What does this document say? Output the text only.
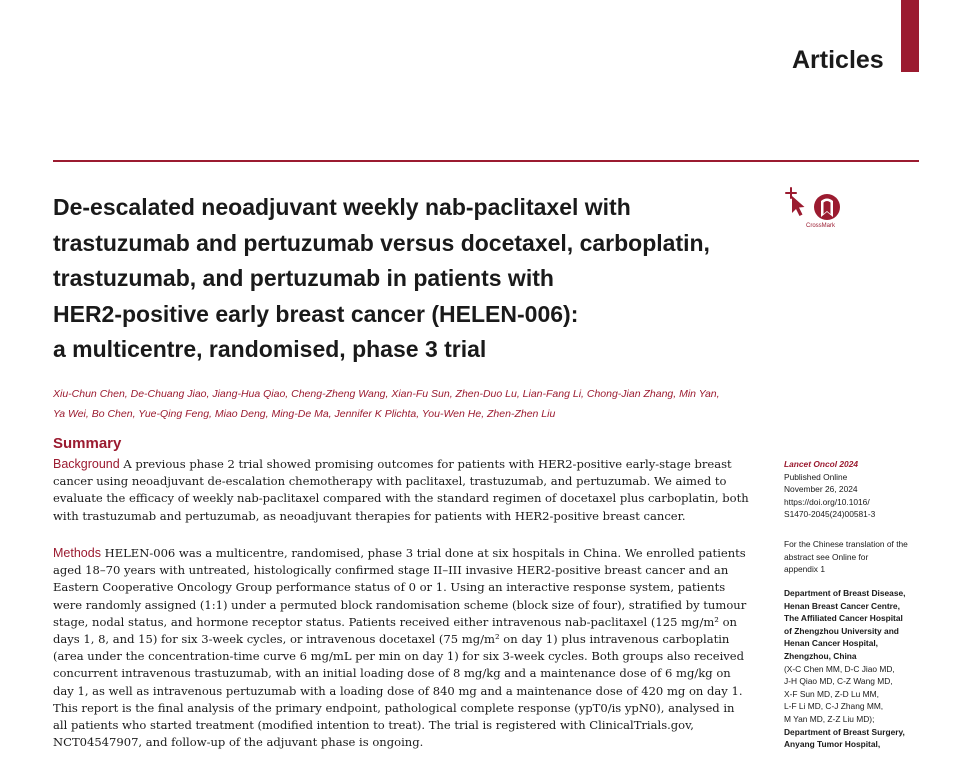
Articles
De-escalated neoadjuvant weekly nab-paclitaxel with
trastuzumab and pertuzumab versus docetaxel, carboplatin,
trastuzumab, and pertuzumab in patients with
HER2-positive early breast cancer (HELEN-006):
a multicentre, randomised, phase 3 trial
CrossMark
Xiu-Chun Chen, De-Chuang Jiao, Jiang-Hua Qiao, Cheng-Zheng Wang, Xian-Fu Sun, Zhen-Duo Lu, Lian-Fang Li, Chong-Jian Zhang, Min Yan,
Ya Wei, Bo Chen, Yue-Qing Feng, Miao Deng, Ming-De Ma, Jennifer K Plichta, You-Wen He, Zhen-Zhen Liu
Summary
Background A previous phase 2 trial showed promising outcomes for patients with HER2-positive early-stage breast
cancer using neoadjuvant de-escalation chemotherapy with paclitaxel, trastuzumab, and pertuzumab. We aimed to
evaluate the efficacy of weekly nab-paclitaxel compared with the standard regimen of docetaxel plus carboplatin, both
with trastuzumab and pertuzumab, as neoadjuvant therapies for patients with HER2-positive breast cancer.
Methods HELEN-006 was a multicentre, randomised, phase 3 trial done at six hospitals in China. We enrolled patients
aged 18–70 years with untreated, histologically confirmed stage II–III invasive HER2-positive breast cancer and an
Eastern Cooperative Oncology Group performance status of 0 or 1. Using an interactive response system, patients
were randomly assigned (1:1) under a permuted block randomisation scheme (block size of four), stratified by tumour
stage, nodal status, and hormone receptor status. Patients received either intravenous nab-paclitaxel (125 mg/m² on
days 1, 8, and 15) for six 3-week cycles, or intravenous docetaxel (75 mg/m² on day 1) plus intravenous carboplatin
(area under the concentration-time curve 6 mg/mL per min on day 1) for six 3-week cycles. Both groups also received
concurrent intravenous trastuzumab, with an initial loading dose of 8 mg/kg and a maintenance dose of 6 mg/kg on
day 1, as well as intravenous pertuzumab with a loading dose of 840 mg and a maintenance dose of 420 mg on day 1.
This report is the final analysis of the primary endpoint, pathological complete response (ypT0/is ypN0), analysed in
all patients who started treatment (modified intention to treat). The trial is registered with ClinicalTrials.gov,
NCT04547907, and follow-up of the adjuvant phase is ongoing.
Lancet Oncol 2024
Published Online
November 26, 2024
https://doi.org/10.1016/
S1470-2045(24)00581-3
For the Chinese translation of the
abstract see Online for
appendix 1
Department of Breast Disease,
Henan Breast Cancer Centre,
The Affiliated Cancer Hospital
of Zhengzhou University and
Henan Cancer Hospital,
Zhengzhou, China
(X-C Chen MM, D-C Jiao MD,
J-H Qiao MD, C-Z Wang MD,
X-F Sun MD, Z-D Lu MM,
L-F Li MD, C-J Zhang MM,
M Yan MD, Z-Z Liu MD);
Department of Breast Surgery,
Anyang Tumor Hospital,
